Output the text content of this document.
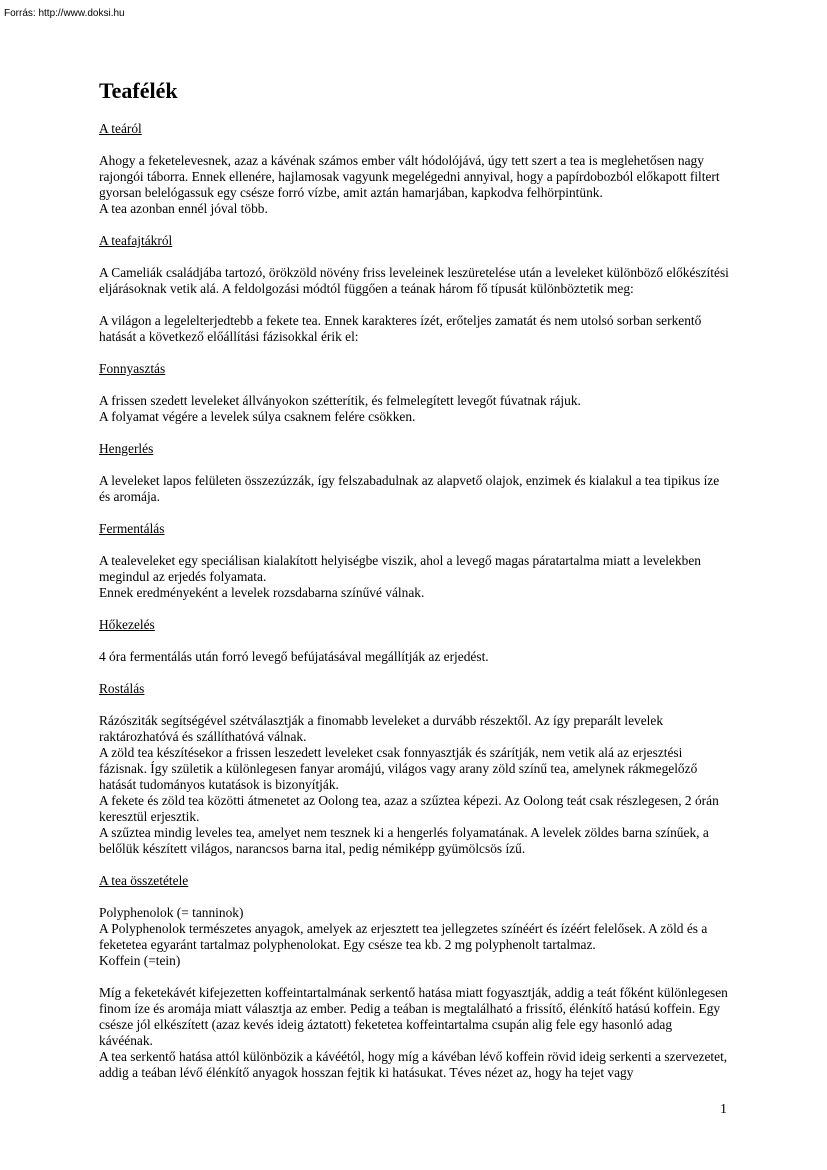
Forrás: http://www.doksi.hu
Teafélék
A teáról

Ahogy a feketelevesnek, azaz a kávénak számos ember vált hódolójává, úgy tett szert a tea is meglehetősen nagy rajongói táborra. Ennek ellenére, hajlamosak vagyunk megelégedni annyival, hogy a papírdobozból előkapott filtert gyorsan belelógassuk egy csésze forró vízbe, amit aztán hamarjában, kapkodva felhörpintünk.
A tea azonban ennél jóval több.

A teafajtákról

A Cameliák családjába tartozó, örökzöld növény friss leveleinek leszüretelése után a leveleket különböző előkészítési eljárásoknak vetik alá. A feldolgozási módtól függően a teának három fő típusát különböztetik meg:

A világon a legelelterjedtebb a fekete tea. Ennek karakteres ízét, erőteljes zamatát és nem utolsó sorban serkentő hatását a következő előállítási fázisokkal érik el:

Fonnyasztás

A frissen szedett leveleket állványokon szétterítik, és felmelegített levegőt fúvatnak rájuk.
A folyamat végére a levelek súlya csaknem felére csökken.

Hengerlés

A leveleket lapos felületen összezúzzák, így felszabadulnak az alapvető olajok, enzimek és kialakul a tea tipikus íze és aromája.

Fermentálás

A tealeveleket egy speciálisan kialakított helyiségbe viszik, ahol a levegő magas páratartalma miatt a levelekben megindul az erjedés folyamata.
Ennek eredményeként a levelek rozsdabarna színűvé válnak.

Hőkezelés

4 óra fermentálás után forró levegő befújatásával megállítják az erjedést.

Rostálás

Rázósziták segítségével szétválasztják a finomabb leveleket a durvább részektől. Az így preparált levelek raktározhatóvá és szállíthatóvá válnak.
A zöld tea készítésekor a frissen leszedett leveleket csak fonnyasztják és szárítják, nem vetik alá az erjesztési fázisnak. Így születik a különlegesen fanyar aromájú, világos vagy arany zöld színű tea, amelynek rákmegelőző hatását tudományos kutatások is bizonyítják.
A fekete és zöld tea közötti átmenetet az Oolong tea, azaz a szűztea képezi. Az Oolong teát csak részlegesen, 2 órán keresztül erjesztik.
A szűztea mindig leveles tea, amelyet nem tesznek ki a hengerlés folyamatának. A levelek zöldes barna színűek, a belőlük készített világos, narancsos barna ital, pedig némiképp gyümölcsös ízű.

A tea összetétele

Polyphenolok (= tanninok)
A Polyphenolok természetes anyagok, amelyek az erjesztett tea jellegzetes színéért és ízéért felelősek. A zöld és a feketetea egyaránt tartalmaz polyphenolokat. Egy csésze tea kb. 2 mg polyphenolt tartalmaz.
Koffein (=tein)

Míg a feketekávét kifejezetten koffeintartalmának serkentő hatása miatt fogyasztják, addig a teát főként különlegesen finom íze és aromája miatt választja az ember. Pedig a teában is megtalálható a frissítő, élénkítő hatású koffein. Egy csésze jól elkészített (azaz kevés ideig áztatott) feketetea koffeintartalma csupán alig fele egy hasonló adag kávéénak.
A tea serkentő hatása attól különbözik a kávéétól, hogy míg a kávéban lévő koffein rövid ideig serkenti a szervezetet, addig a teában lévő élénkítő anyagok hosszan fejtik ki hatásukat. Téves nézet az, hogy ha tejet vagy

1
